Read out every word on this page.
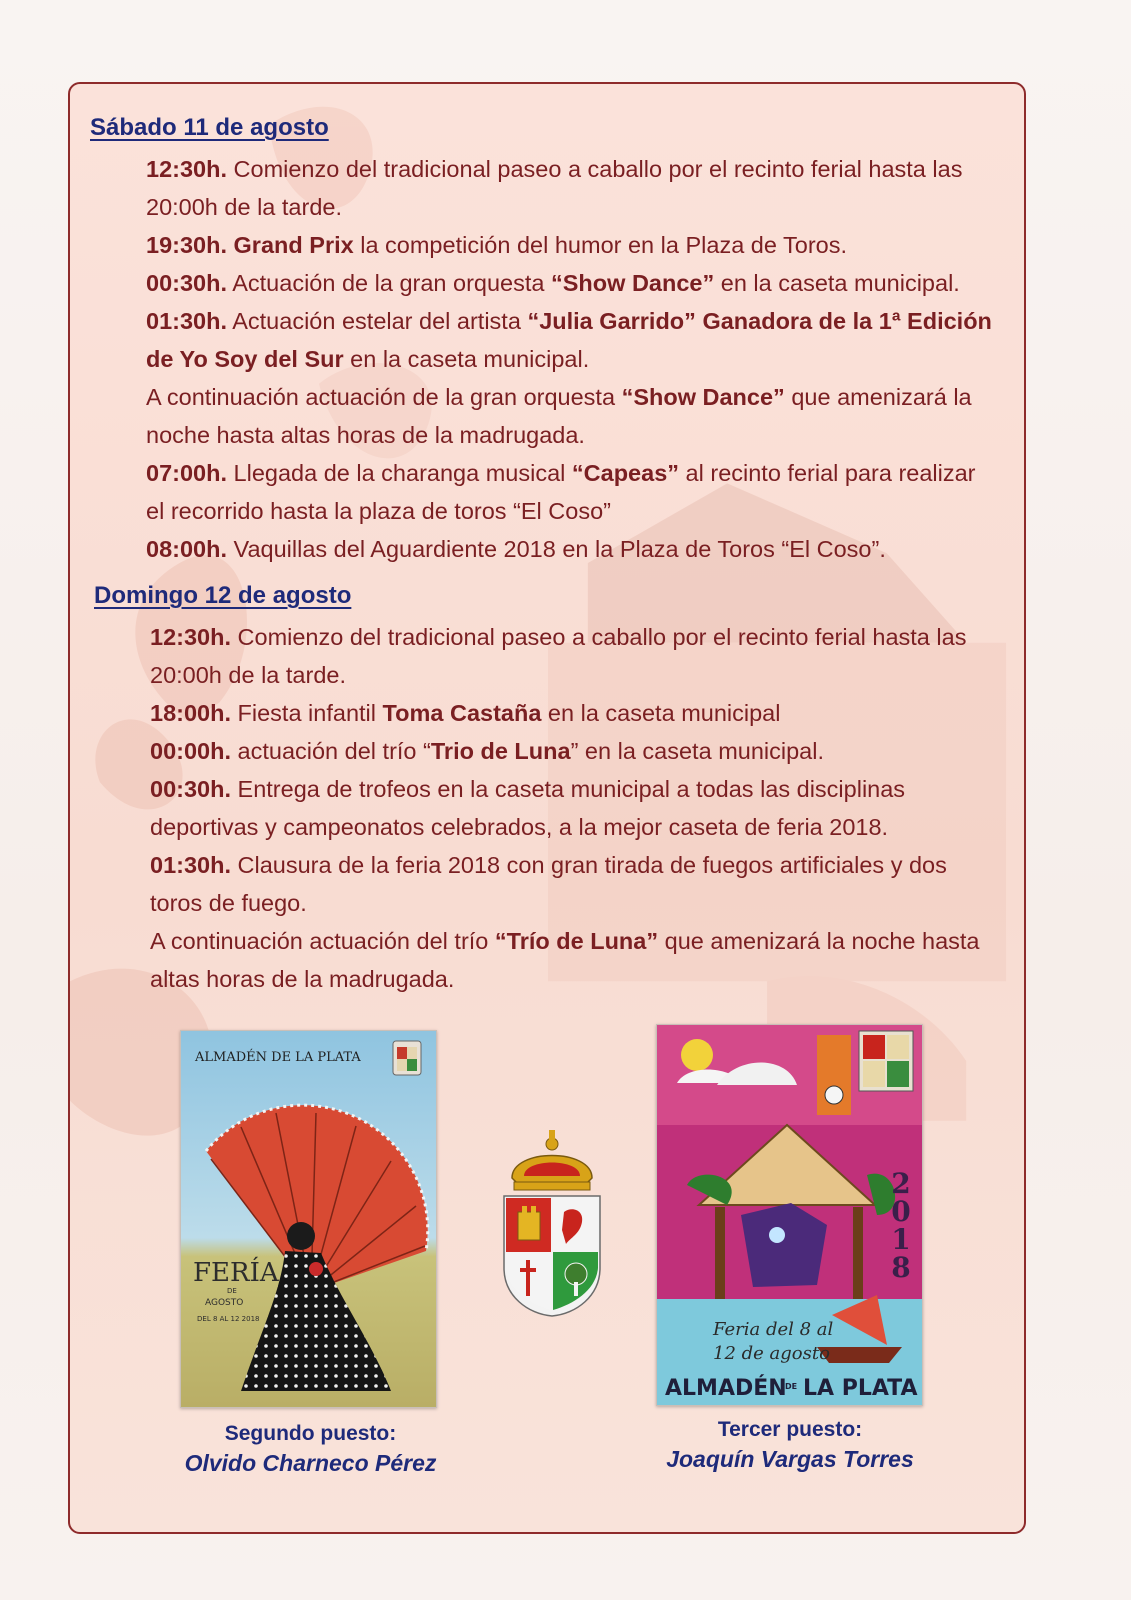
Sábado 11 de agosto
12:30h. Comienzo del tradicional paseo a caballo por el recinto ferial hasta las
20:00h de la tarde.
19:30h. Grand Prix la competición del humor en la Plaza de Toros.
00:30h. Actuación de la gran orquesta “Show Dance” en la caseta municipal.
01:30h. Actuación estelar del artista “Julia Garrido” Ganadora de la 1ª Edición
de Yo Soy del Sur en la caseta municipal.
A continuación actuación de la gran orquesta “Show Dance” que amenizará la
noche hasta altas horas de la madrugada.
07:00h. Llegada de la charanga musical “Capeas” al recinto ferial para realizar
el recorrido hasta la plaza de toros “El Coso”
08:00h. Vaquillas del Aguardiente 2018 en la Plaza de Toros “El Coso”.
Domingo 12 de agosto
12:30h. Comienzo del tradicional paseo a caballo por el recinto ferial hasta las
20:00h de la tarde.
18:00h. Fiesta infantil Toma Castaña en la caseta municipal
00:00h. actuación del trío “Trio de Luna” en la caseta municipal.
00:30h. Entrega de trofeos en la caseta municipal a todas las disciplinas
deportivas y campeonatos celebrados, a la mejor caseta de feria 2018.
01:30h. Clausura de la feria 2018 con gran tirada de fuegos artificiales y dos
toros de fuego.
A continuación actuación del trío “Trío de Luna” que amenizará la noche hasta
altas horas de la madrugada.
ALMADÉN DE LA PLATA
FERÍA
DE
AGOSTO
DEL 8 AL 12 2018
Segundo puesto:
Olvido Charneco Pérez
2
0
1
8
Feria del 8 al
12 de agosto
ALMADÉN
DE LA PLATA
Tercer puesto:
Joaquín Vargas Torres
